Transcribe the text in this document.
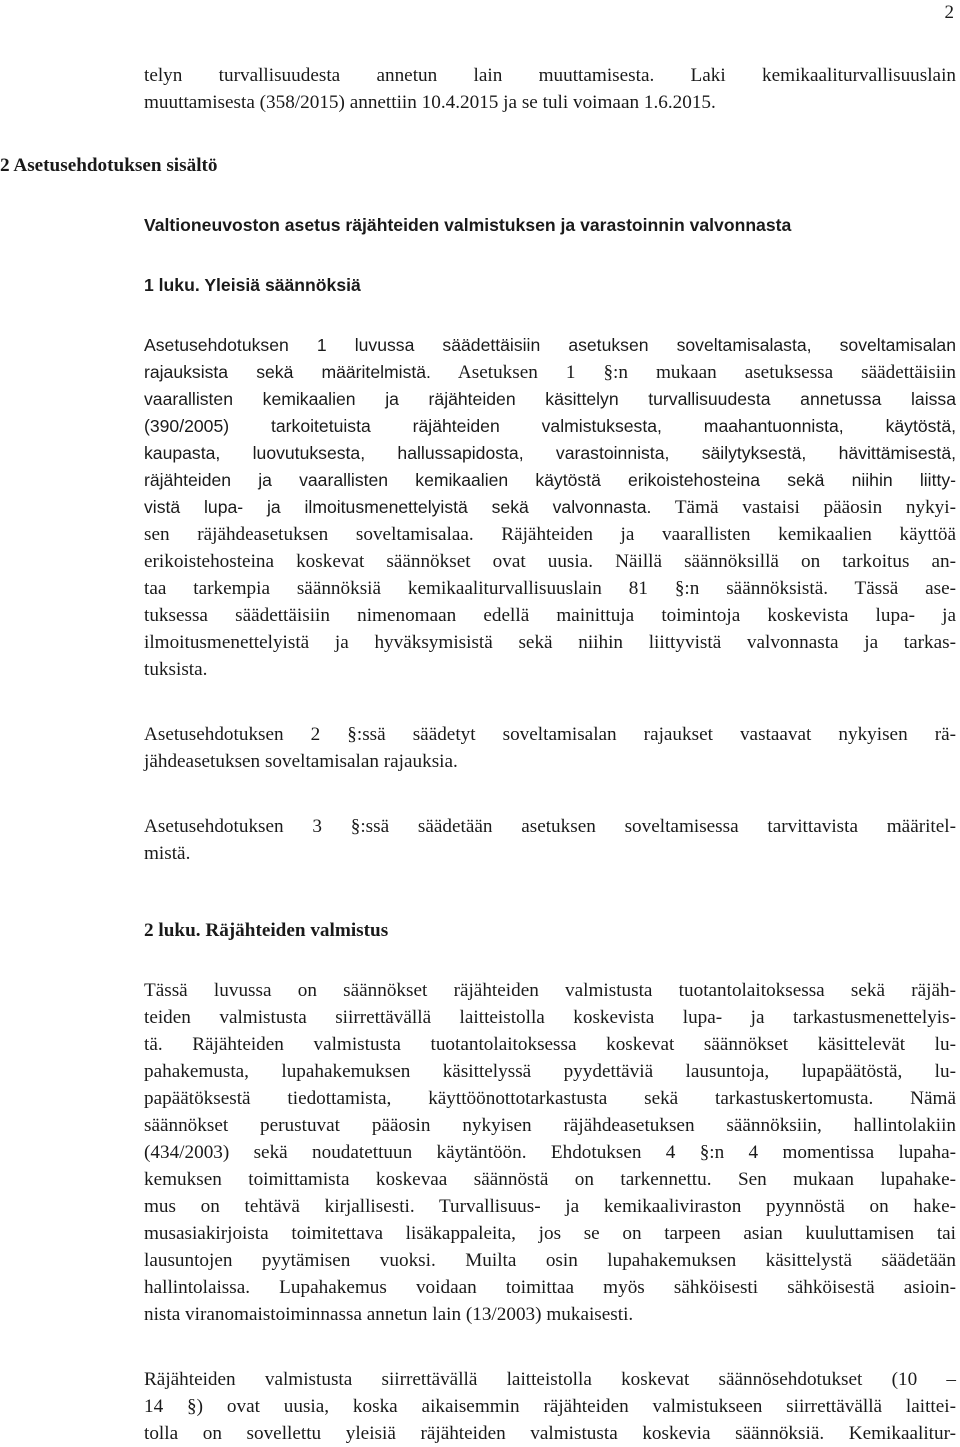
2

telyn turvallisuudesta annetun lain muuttamisesta. Laki kemikaaliturvallisuuslain
muuttamisesta (358/2015) annettiin 10.4.2015 ja se tuli voimaan 1.6.2015.

2 Asetusehdotuksen sisältö
Valtioneuvoston asetus räjähteiden valmistuksen ja varastoinnin valvonnasta
1 luku. Yleisiä säännöksiä

Asetusehdotuksen 1 luvussa säädettäisiin asetuksen soveltamisalasta, soveltamisalan
rajauksista sekä määritelmistä. Asetuksen 1 §:n mukaan asetuksessa säädettäisiin
vaarallisten kemikaalien ja räjähteiden käsittelyn turvallisuudesta annetussa laissa
(390/2005) tarkoitetuista räjähteiden valmistuksesta, maahantuonnista, käytöstä,
kaupasta, luovutuksesta, hallussapidosta, varastoinnista, säilytyksestä, hävittämisestä,
räjähteiden ja vaarallisten kemikaalien käytöstä erikoistehosteina sekä niihin liitty-
vistä lupa- ja ilmoitusmenettelyistä sekä valvonnasta. Tämä vastaisi pääosin nykyi-
sen räjähdeasetuksen soveltamisalaa. Räjähteiden ja vaarallisten kemikaalien käyttöä
erikoistehosteina koskevat säännökset ovat uusia. Näillä säännöksillä on tarkoitus an-
taa tarkempia säännöksiä kemikaaliturvallisuuslain 81 §:n säännöksistä. Tässä ase-
tuksessa säädettäisiin nimenomaan edellä mainittuja toimintoja koskevista lupa- ja
ilmoitusmenettelyistä ja hyväksymisistä sekä niihin liittyvistä valvonnasta ja tarkas-
tuksista.

Asetusehdotuksen 2 §:ssä säädetyt soveltamisalan rajaukset vastaavat nykyisen rä-
jähdeasetuksen soveltamisalan rajauksia.

Asetusehdotuksen 3 §:ssä säädetään asetuksen soveltamisessa tarvittavista määritel-
mistä.

2 luku. Räjähteiden valmistus

Tässä luvussa on säännökset räjähteiden valmistusta tuotantolaitoksessa sekä räjäh-
teiden valmistusta siirrettävällä laitteistolla koskevista lupa- ja tarkastusmenettelyis-
tä. Räjähteiden valmistusta tuotantolaitoksessa koskevat säännökset käsittelevät lu-
pahakemusta, lupahakemuksen käsittelyssä pyydettäviä lausuntoja, lupapäätöstä, lu-
papäätöksestä tiedottamista, käyttöönottotarkastusta sekä tarkastuskertomusta. Nämä
säännökset perustuvat pääosin nykyisen räjähdeasetuksen säännöksiin, hallintolakiin
(434/2003) sekä noudatettuun käytäntöön. Ehdotuksen 4 §:n 4 momentissa lupaha-
kemuksen toimittamista koskevaa säännöstä on tarkennettu. Sen mukaan lupahake-
mus on tehtävä kirjallisesti. Turvallisuus- ja kemikaaliviraston pyynnöstä on hake-
musasiakirjoista toimitettava lisäkappaleita, jos se on tarpeen asian kuuluttamisen tai
lausuntojen pyytämisen vuoksi. Muilta osin lupahakemuksen käsittelystä säädetään
hallintolaissa. Lupahakemus voidaan toimittaa myös sähköisesti sähköisestä asioin-
nista viranomaistoiminnassa annetun lain (13/2003) mukaisesti.

Räjähteiden valmistusta siirrettävällä laitteistolla koskevat säännösehdotukset (10 –
14 §) ovat uusia, koska aikaisemmin räjähteiden valmistukseen siirrettävällä laittei-
tolla on sovellettu yleisiä räjähteiden valmistusta koskevia säännöksiä. Kemikaalitur-
